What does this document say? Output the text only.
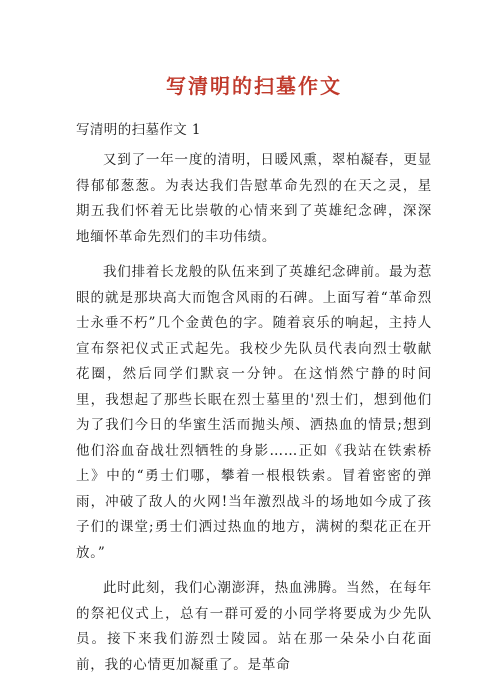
写清明的扫墓作文
写清明的扫墓作文 1

又到了一年一度的清明，日暖风熏，翠柏凝春，更显得郁郁葱葱。为表达我们告慰革命先烈的在天之灵，星期五我们怀着无比崇敬的心情来到了英雄纪念碑，深深地缅怀革命先烈们的丰功伟绩。

我们排着长龙般的队伍来到了英雄纪念碑前。最为惹眼的就是那块高大而饱含风雨的石碑。上面写着“革命烈士永垂不朽”几个金黄色的字。随着哀乐的响起，主持人宣布祭祀仪式正式起先。我校少先队员代表向烈士敬献花圈，然后同学们默哀一分钟。在这悄然宁静的时间里，我想起了那些长眠在烈士墓里的'烈士们，想到他们为了我们今日的华蜜生活而抛头颅、洒热血的情景;想到他们浴血奋战壮烈牺牲的身影……正如《我站在铁索桥上》中的“勇士们哪，攀着一根根铁索。冒着密密的弹雨，冲破了敌人的火网!当年激烈战斗的场地如今成了孩子们的课堂;勇士们洒过热血的地方，满树的梨花正在开放。”

此时此刻，我们心潮澎湃，热血沸腾。当然，在每年的祭祀仪式上，总有一群可爱的小同学将要成为少先队员。接下来我们游烈士陵园。站在那一朵朵小白花面前，我的心情更加凝重了。是革命
